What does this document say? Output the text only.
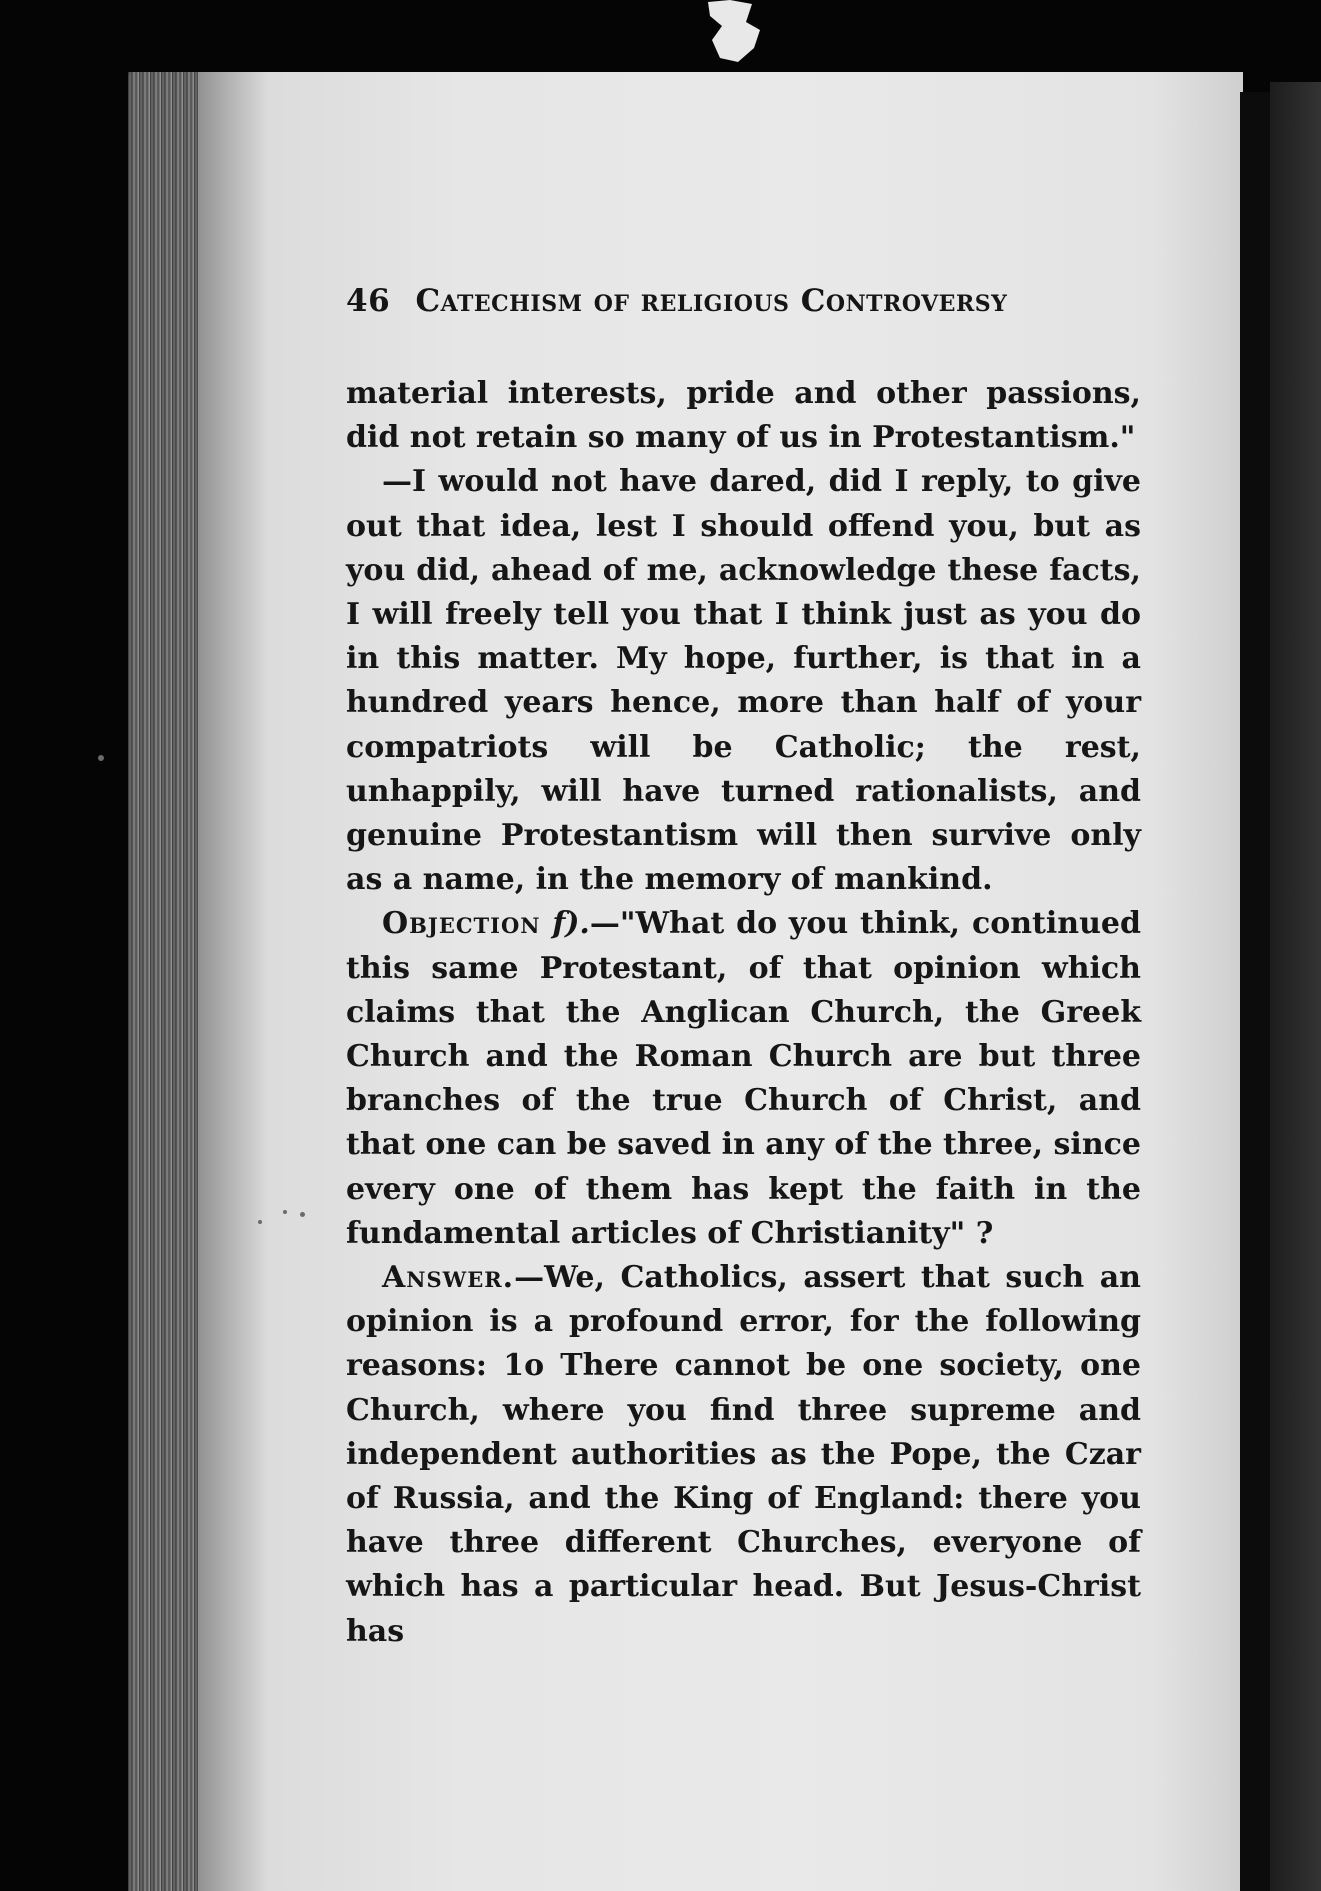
46 Catechism of religious Controversy

material interests, pride and other passions, did not retain so many of us in Protestantism."

—I would not have dared, did I reply, to give out that idea, lest I should offend you, but as you did, ahead of me, acknowledge these facts, I will freely tell you that I think just as you do in this matter. My hope, further, is that in a hundred years hence, more than half of your compatriots will be Catholic; the rest, unhappily, will have turned rationalists, and genuine Protestantism will then survive only as a name, in the memory of mankind.

Objection f).—"What do you think, continued this same Protestant, of that opinion which claims that the Anglican Church, the Greek Church and the Roman Church are but three branches of the true Church of Christ, and that one can be saved in any of the three, since every one of them has kept the faith in the fundamental articles of Christianity" ?

Answer.—We, Catholics, assert that such an opinion is a profound error, for the following reasons: 1o There cannot be one society, one Church, where you find three supreme and independent authorities as the Pope, the Czar of Russia, and the King of England: there you have three different Churches, everyone of which has a particular head. But Jesus-Christ has
